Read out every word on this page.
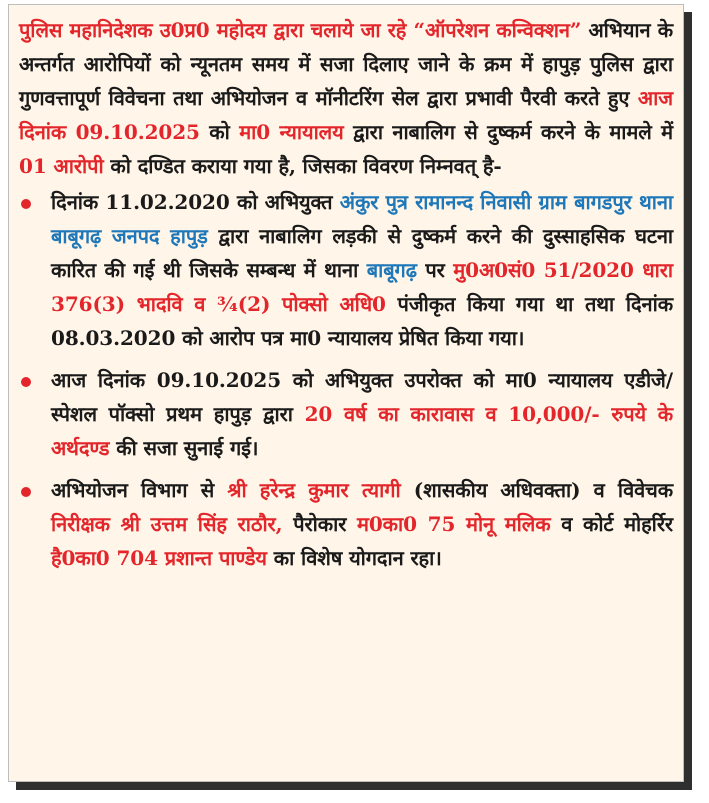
पुलिस महानिदेशक उ0प्र0 महोदय द्वारा चलाये जा रहे “ऑपरेशन कन्विक्शन” अभियान के अन्तर्गत आरोपियों को न्यूनतम समय में सजा दिलाए जाने के क्रम में हापुड़ पुलिस द्वारा गुणवत्तापूर्ण विवेचना तथा अभियोजन व मॉनीटरिंग सेल द्वारा प्रभावी पैरवी करते हुए आज दिनांक 09.10.2025 को मा0 न्यायालय द्वारा नाबालिग से दुष्कर्म करने के मामले में 01 आरोपी को दण्डित कराया गया है, जिसका विवरण निम्नवत् है-

दिनांक 11.02.2020 को अभियुक्त अंकुर पुत्र रामानन्द निवासी ग्राम बागडपुर थाना बाबूगढ़ जनपद हापुड़ द्वारा नाबालिग लड़की से दुष्कर्म करने की दुस्साहसिक घटना कारित की गई थी जिसके सम्बन्ध में थाना बाबूगढ़ पर मु0अ0सं0 51/2020 धारा 376(3) भादवि व ¾(2) पोक्सो अधि0 पंजीकृत किया गया था तथा दिनांक 08.03.2020 को आरोप पत्र मा0 न्यायालय प्रेषित किया गया।
आज दिनांक 09.10.2025 को अभियुक्त उपरोक्त को मा0 न्यायालय एडीजे/स्पेशल पॉक्सो प्रथम हापुड़ द्वारा 20 वर्ष का कारावास व 10,000/- रुपये के अर्थदण्ड की सजा सुनाई गई।
अभियोजन विभाग से श्री हरेन्द्र कुमार त्यागी (शासकीय अधिवक्ता) व विवेचक निरीक्षक श्री उत्तम सिंह राठौर, पैरोकार म0का0 75 मोनू मलिक व कोर्ट मोहर्रिर है0का0 704 प्रशान्त पाण्डेय का विशेष योगदान रहा।
